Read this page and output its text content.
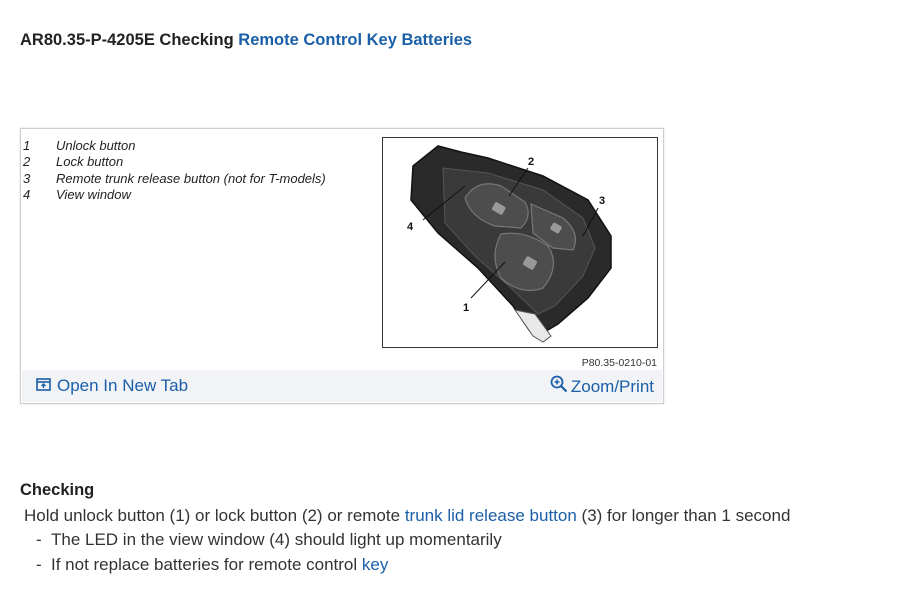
AR80.35-P-4205E Checking Remote Control Key Batteries
1	Unlock button
2	Lock button
3	Remote trunk release button (not for T-models)
4	View window
1
2
3
4
P80.35-0210-01
Open In New Tab	Zoom/Print
Checking
Hold unlock button (1) or lock button (2) or remote trunk lid release button (3) for longer than 1 second
- The LED in the view window (4) should light up momentarily
- If not replace batteries for remote control key
